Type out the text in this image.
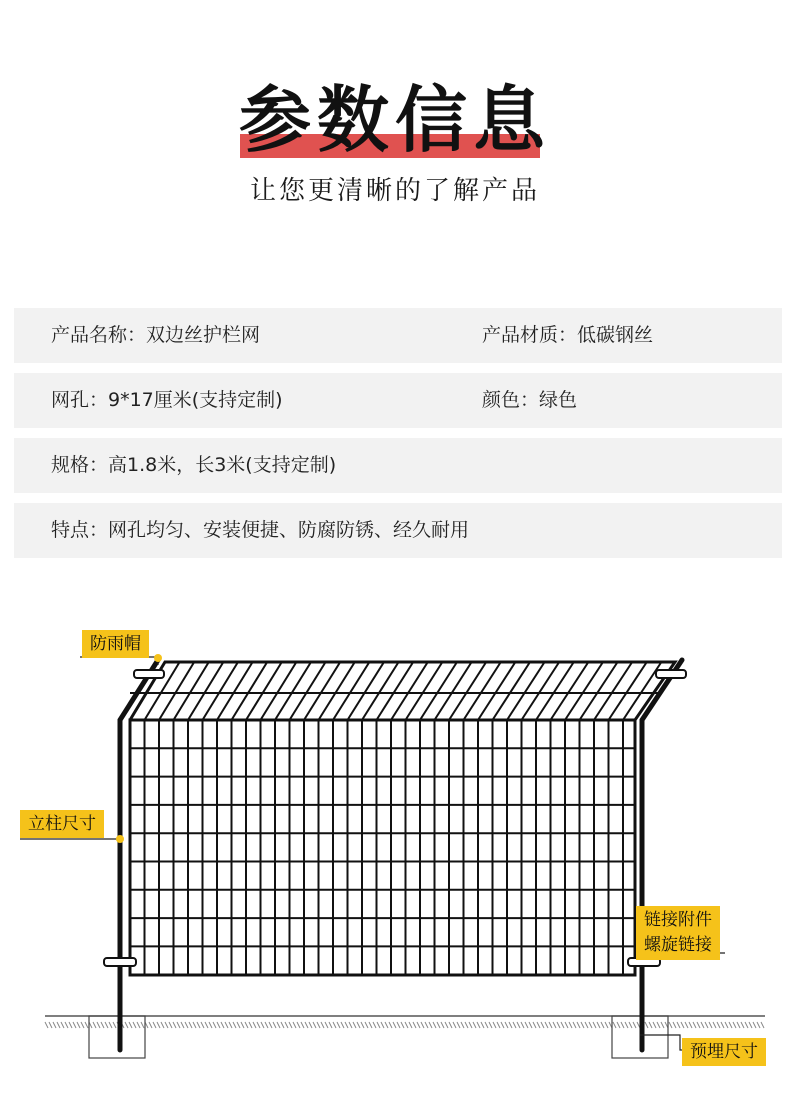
参数信息
让您更清晰的了解产品
产品名称：双边丝护栏网	产品材质：低碳钢丝
网孔：9*17厘米(支持定制)	颜色：绿色
规格：高1.8米，长3米(支持定制)
特点：网孔均匀、安装便捷、防腐防锈、经久耐用
防雨帽
立柱尺寸
链接附件
螺旋链接
预埋尺寸
